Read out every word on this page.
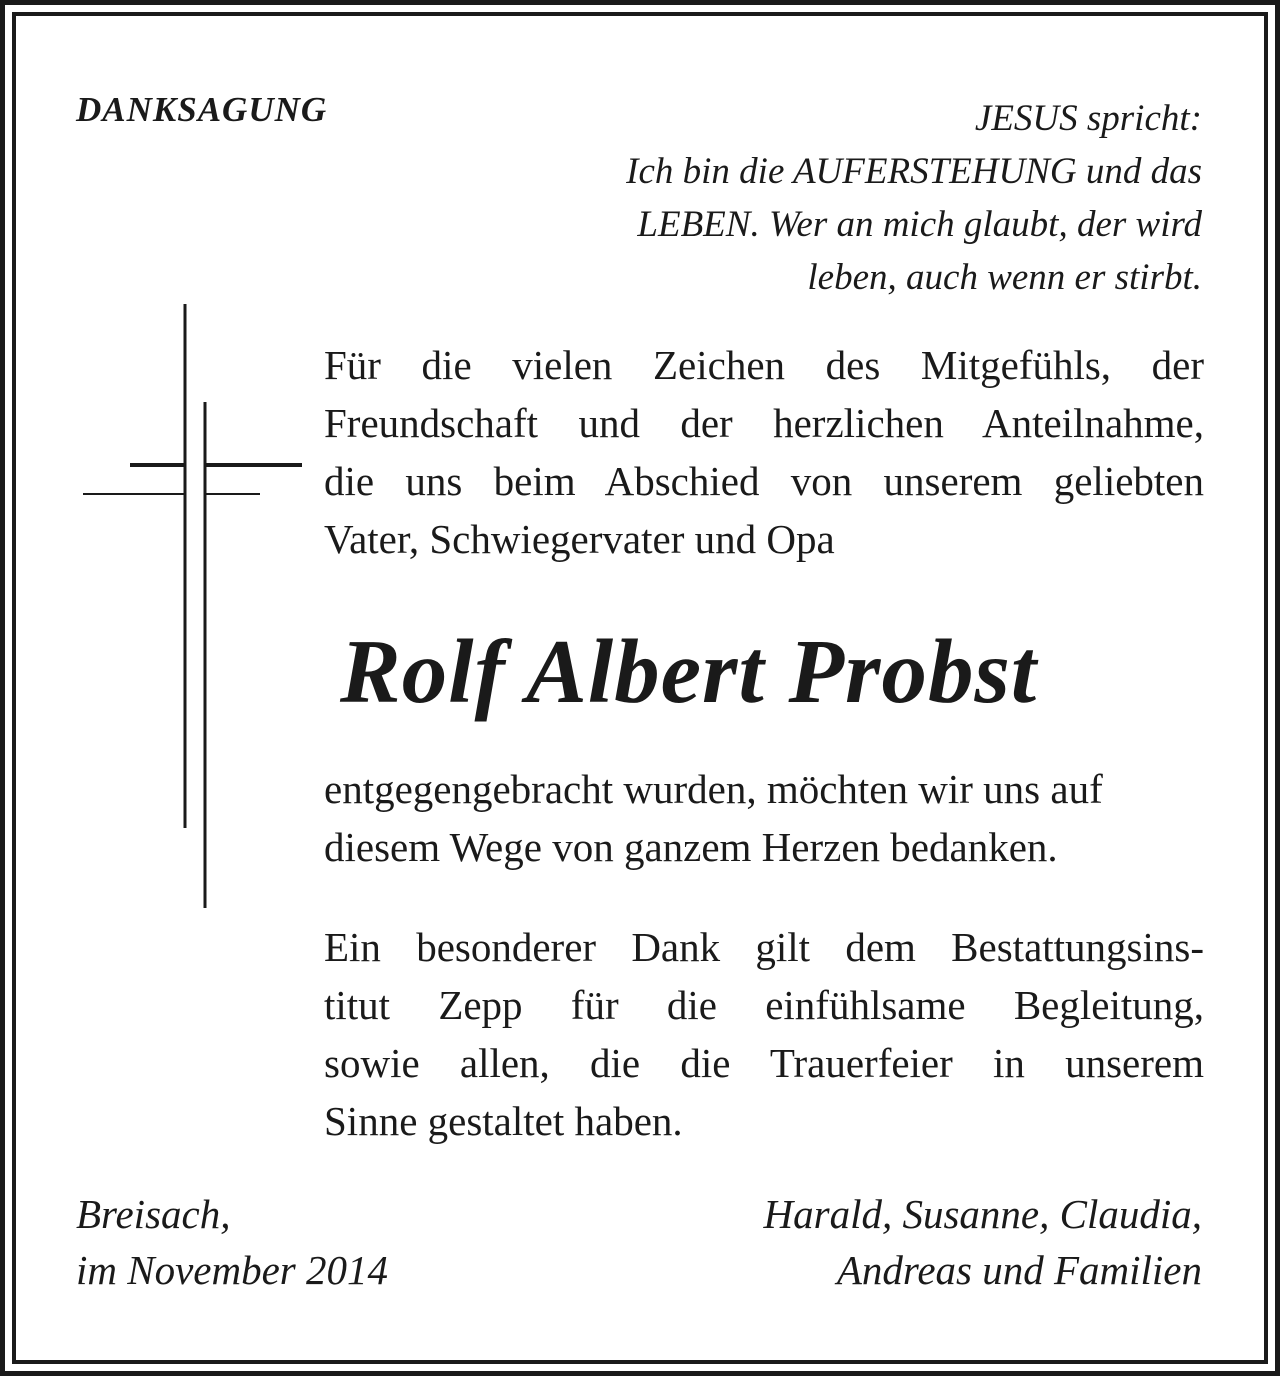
DANKSAGUNG	JESUS spricht:
Ich bin die AUFERSTEHUNG und das
LEBEN. Wer an mich glaubt, der wird
leben, auch wenn er stirbt.
Für die vielen Zeichen des Mitgefühls, der
Freundschaft und der herzlichen Anteilnahme,
die uns beim Abschied von unserem geliebten
Vater, Schwiegervater und Opa
Rolf Albert Probst
entgegengebracht wurden, möchten wir uns auf
diesem Wege von ganzem Herzen bedanken.
Ein besonderer Dank gilt dem Bestattungsins-
titut Zepp für die einfühlsame Begleitung,
sowie allen, die die Trauerfeier in unserem
Sinne gestaltet haben.
Breisach,
im November 2014
Harald, Susanne, Claudia,
Andreas und Familien
